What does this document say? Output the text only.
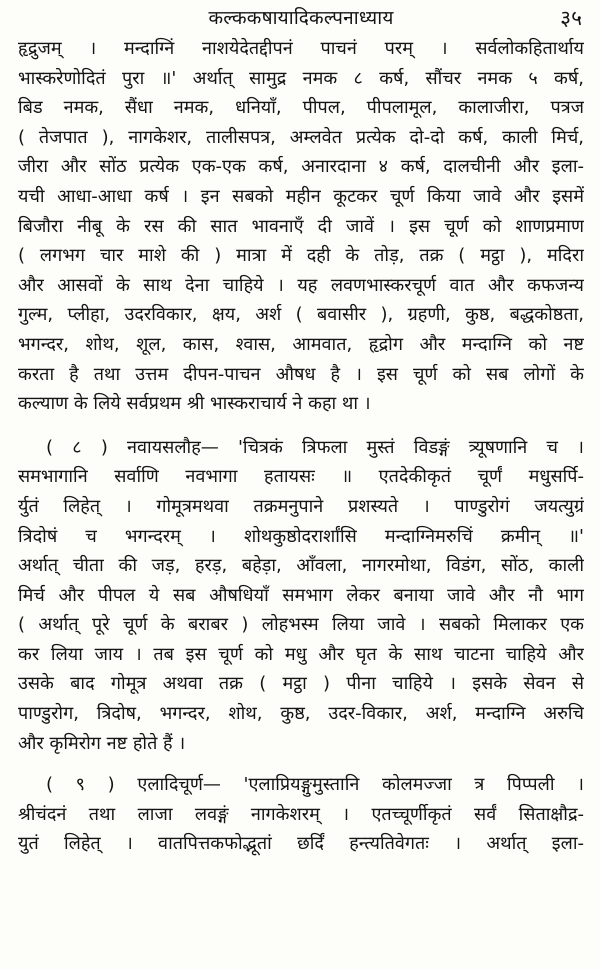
कल्ककषायादिकल्पनाध्याय	३५
हृद्रुजम् । मन्दाग्निं नाशयेदेतद्दीपनं पाचनं परम् । सर्वलोकहितार्थाय
भास्करेणोदितं पुरा ॥' अर्थात् सामुद्र नमक ८ कर्ष, सौंचर नमक ५ कर्ष,
बिड नमक, सैंधा नमक, धनियाँ, पीपल, पीपलामूल, कालाजीरा, पत्रज
( तेजपात ), नागकेशर, तालीसपत्र, अम्लवेत प्रत्येक दो-दो कर्ष, काली मिर्च,
जीरा और सोंठ प्रत्येक एक-एक कर्ष, अनारदाना ४ कर्ष, दालचीनी और इला-
यची आधा-आधा कर्ष । इन सबको महीन कूटकर चूर्ण किया जावे और इसमें
बिजौरा नीबू के रस की सात भावनाएँ दी जावें । इस चूर्ण को शाणप्रमाण
( लगभग चार माशे की ) मात्रा में दही के तोड़, तक्र ( मट्ठा ), मदिरा
और आसवों के साथ देना चाहिये । यह लवणभास्करचूर्ण वात और कफजन्य
गुल्म, प्लीहा, उदरविकार, क्षय, अर्श ( बवासीर ), ग्रहणी, कुष्ठ, बद्धकोष्ठता,
भगन्दर, शोथ, शूल, कास, श्वास, आमवात, हृद्रोग और मन्दाग्नि को नष्ट
करता है तथा उत्तम दीपन-पाचन औषध है । इस चूर्ण को सब लोगों के
कल्याण के लिये सर्वप्रथम श्री भास्कराचार्य ने कहा था ।
( ८ ) नवायसलौह— 'चित्रकं त्रिफला मुस्तं विडङ्गं त्र्यूषणानि च ।
समभागानि सर्वाणि नवभागा हतायसः ॥ एतदेकीकृतं चूर्णं मधुसर्पि-
र्युतं लिहेत् । गोमूत्रमथवा तक्रमनुपाने प्रशस्यते । पाण्डुरोगं जयत्युग्रं
त्रिदोषं च भगन्दरम् । शोथकुष्ठोदरार्शांसि मन्दाग्निमरुचिं क्रमीन् ॥'
अर्थात् चीता की जड़, हरड़, बहेड़ा, आँवला, नागरमोथा, विडंग, सोंठ, काली
मिर्च और पीपल ये सब औषधियाँ समभाग लेकर बनाया जावे और नौ भाग
( अर्थात् पूरे चूर्ण के बराबर ) लोहभस्म लिया जावे । सबको मिलाकर एक
कर लिया जाय । तब इस चूर्ण को मधु और घृत के साथ चाटना चाहिये और
उसके बाद गोमूत्र अथवा तक्र ( मट्ठा ) पीना चाहिये । इसके सेवन से
पाण्डुरोग, त्रिदोष, भगन्दर, शोथ, कुष्ठ, उदर-विकार, अर्श, मन्दाग्नि अरुचि
और कृमिरोग नष्ट होते हैं ।
( ९ ) एलादिचूर्ण— 'एलाप्रियङ्गुमुस्तानि कोलमज्जा त्र पिप्पली ।
श्रीचंदनं तथा लाजा लवङ्गं नागकेशरम् । एतच्चूर्णीकृतं सर्वं सिताक्षौद्र-
युतं लिहेत् । वातपित्तकफोद्भूतां छर्दिं हन्त्यतिवेगतः । अर्थात् इला-
